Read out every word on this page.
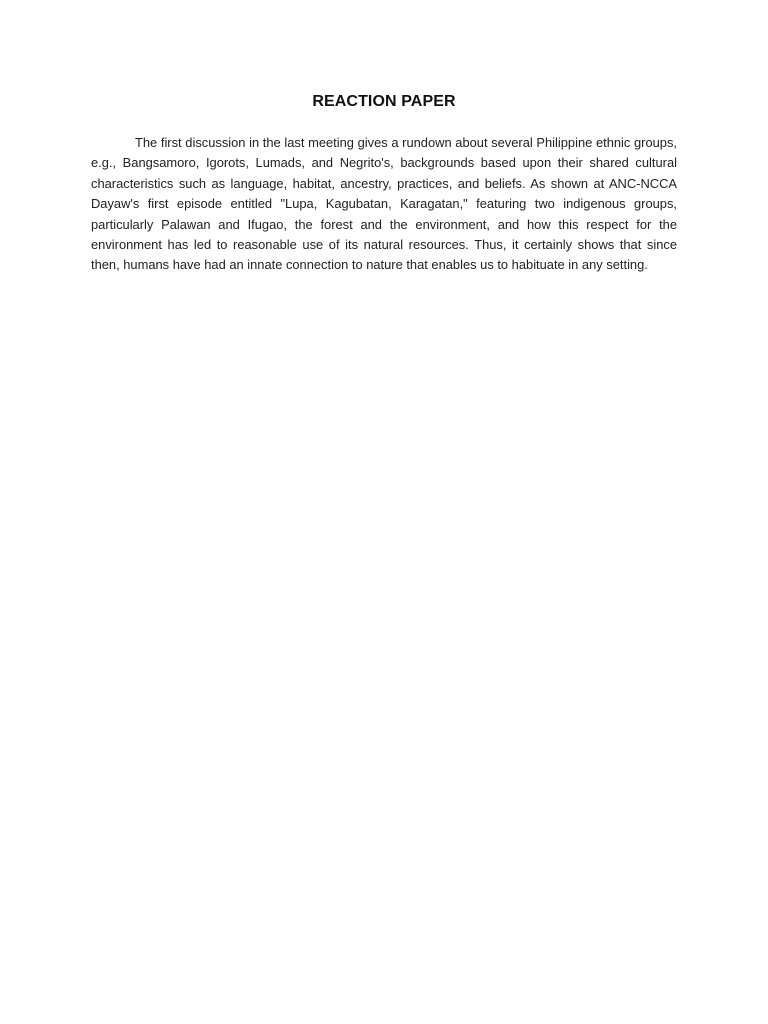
REACTION PAPER

The first discussion in the last meeting gives a rundown about several Philippine ethnic groups, e.g., Bangsamoro, Igorots, Lumads, and Negrito's, backgrounds based upon their shared cultural characteristics such as language, habitat, ancestry, practices, and beliefs. As shown at ANC-NCCA Dayaw's first episode entitled "Lupa, Kagubatan, Karagatan," featuring two indigenous groups, particularly Palawan and Ifugao, the forest and the environment, and how this respect for the environment has led to reasonable use of its natural resources. Thus, it certainly shows that since then, humans have had an innate connection to nature that enables us to habituate in any setting.
